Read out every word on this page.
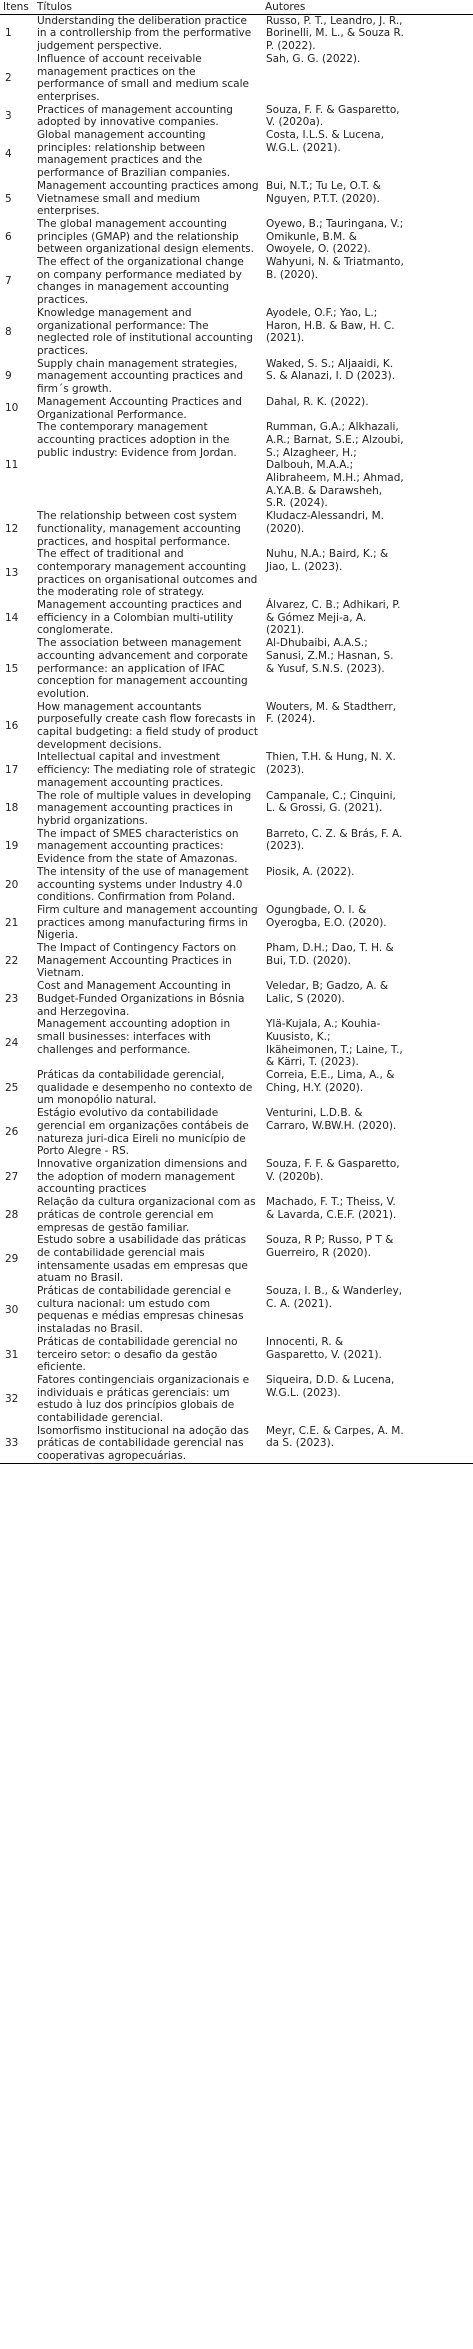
Itens	Títulos	Autores
1	Understanding the deliberation practice in a controllership from the performative judgement perspective.	Russo, P. T., Leandro, J. R., Borinelli, M. L., & Souza R. P. (2022).

2	Influence of account receivable management practices on the performance of small and medium scale enterprises.	Sah, G. G. (2022).

3	Practices of management accounting adopted by innovative companies.	Souza, F. F. & Gasparetto, V. (2020a).

4	Global management accounting principles: relationship between management practices and the performance of Brazilian companies.	Costa, I.L.S. & Lucena, W.G.L. (2021).

5	Management accounting practices among Vietnamese small and medium enterprises.	Bui, N.T.; Tu Le, O.T. & Nguyen, P.T.T. (2020).

6	The global management accounting principles (GMAP) and the relationship between organizational design elements.	Oyewo, B.; Tauringana, V.; Omikunle, B.M. & Owoyele, O. (2022).

7	The effect of the organizational change on company performance mediated by changes in management accounting practices.	Wahyuni, N. & Triatmanto, B. (2020).

8	Knowledge management and organizational performance: The neglected role of institutional accounting practices.	Ayodele, O.F.; Yao, L.; Haron, H.B. & Baw, H. C. (2021).

9	Supply chain management strategies, management accounting practices and firm´s growth.	Waked, S. S.; Aljaaidi, K. S. & Alanazi, I. D (2023).

10	Management Accounting Practices and Organizational Performance.	Dahal, R. K. (2022).

11	The contemporary management accounting practices adoption in the public industry: Evidence from Jordan.	Rumman, G.A.; Alkhazali, A.R.; Barnat, S.E.; Alzoubi, S.; Alzagheer, H.; Dalbouh, M.A.A.; Alibraheem, M.H.; Ahmad, A.Y.A.B. & Darawsheh, S.R. (2024).

12	The relationship between cost system functionality, management accounting practices, and hospital performance.	Kludacz-Alessandri, M. (2020).

13	The effect of traditional and contemporary management accounting practices on organisational outcomes and the moderating role of strategy.	Nuhu, N.A.; Baird, K.; & Jiao, L. (2023).

14	Management accounting practices and efficiency in a Colombian multi-utility conglomerate.	Álvarez, C. B.; Adhikari, P. & Gómez Meji-a, A. (2021).

15	The association between management accounting advancement and corporate performance: an application of IFAC conception for management accounting evolution.	Al-Dhubaibi, A.A.S.; Sanusi, Z.M.; Hasnan, S. & Yusuf, S.N.S. (2023).

16	How management accountants purposefully create cash flow forecasts in capital budgeting: a field study of product development decisions.	Wouters, M. & Stadtherr, F. (2024).

17	Intellectual capital and investment efficiency: The mediating role of strategic management accounting practices.	Thien, T.H. & Hung, N. X. (2023).

18	The role of multiple values in developing management accounting practices in hybrid organizations.	Campanale, C.; Cinquini, L. & Grossi, G. (2021).

19	The impact of SMES characteristics on management accounting practices: Evidence from the state of Amazonas.	Barreto, C. Z. & Brás, F. A. (2023).

20	The intensity of the use of management accounting systems under Industry 4.0 conditions. Confirmation from Poland.	Piosik, A. (2022).

21	Firm culture and management accounting practices among manufacturing firms in Nigeria.	Ogungbade, O. I. & Oyerogba, E.O. (2020).

22	The Impact of Contingency Factors on Management Accounting Practices in Vietnam.	Pham, D.H.; Dao, T. H. & Bui, T.D. (2020).

23	Cost and Management Accounting in Budget-Funded Organizations in Bósnia and Herzegovina.	Veledar, B; Gadzo, A. & Lalic, S (2020).

24	Management accounting adoption in small businesses: interfaces with challenges and performance.	Ylä-Kujala, A.; Kouhia-Kuusisto, K.; Ikäheimonen, T.; Laine, T., & Kärri, T. (2023).

25	Práticas da contabilidade gerencial, qualidade e desempenho no contexto de um monopólio natural.	Correia, E.E., Lima, A., & Ching, H.Y. (2020).

26	Estágio evolutivo da contabilidade gerencial em organizações contábeis de natureza juri-dica Eireli no município de Porto Alegre - RS.	Venturini, L.D.B. & Carraro, W.BW.H. (2020).

27	Innovative organization dimensions and the adoption of modern management accounting practices	Souza, F. F. & Gasparetto, V. (2020b).

28	Relação da cultura organizacional com as práticas de controle gerencial em empresas de gestão familiar.	Machado, F. T.; Theiss, V. & Lavarda, C.E.F. (2021).

29	Estudo sobre a usabilidade das práticas de contabilidade gerencial mais intensamente usadas em empresas que atuam no Brasil.	Souza, R P; Russo, P T & Guerreiro, R (2020).

30	Práticas de contabilidade gerencial e cultura nacional: um estudo com pequenas e médias empresas chinesas instaladas no Brasil.	Souza, I. B., & Wanderley, C. A. (2021).

31	Práticas de contabilidade gerencial no terceiro setor: o desafio da gestão eficiente.	Innocenti, R. & Gasparetto, V. (2021).

32	Fatores contingenciais organizacionais e individuais e práticas gerenciais: um estudo à luz dos princípios globais de contabilidade gerencial.	Siqueira, D.D. & Lucena, W.G.L. (2023).

33	Isomorfismo institucional na adoção das práticas de contabilidade gerencial nas cooperativas agropecuárias.	Meyr, C.E. & Carpes, A. M. da S. (2023).
